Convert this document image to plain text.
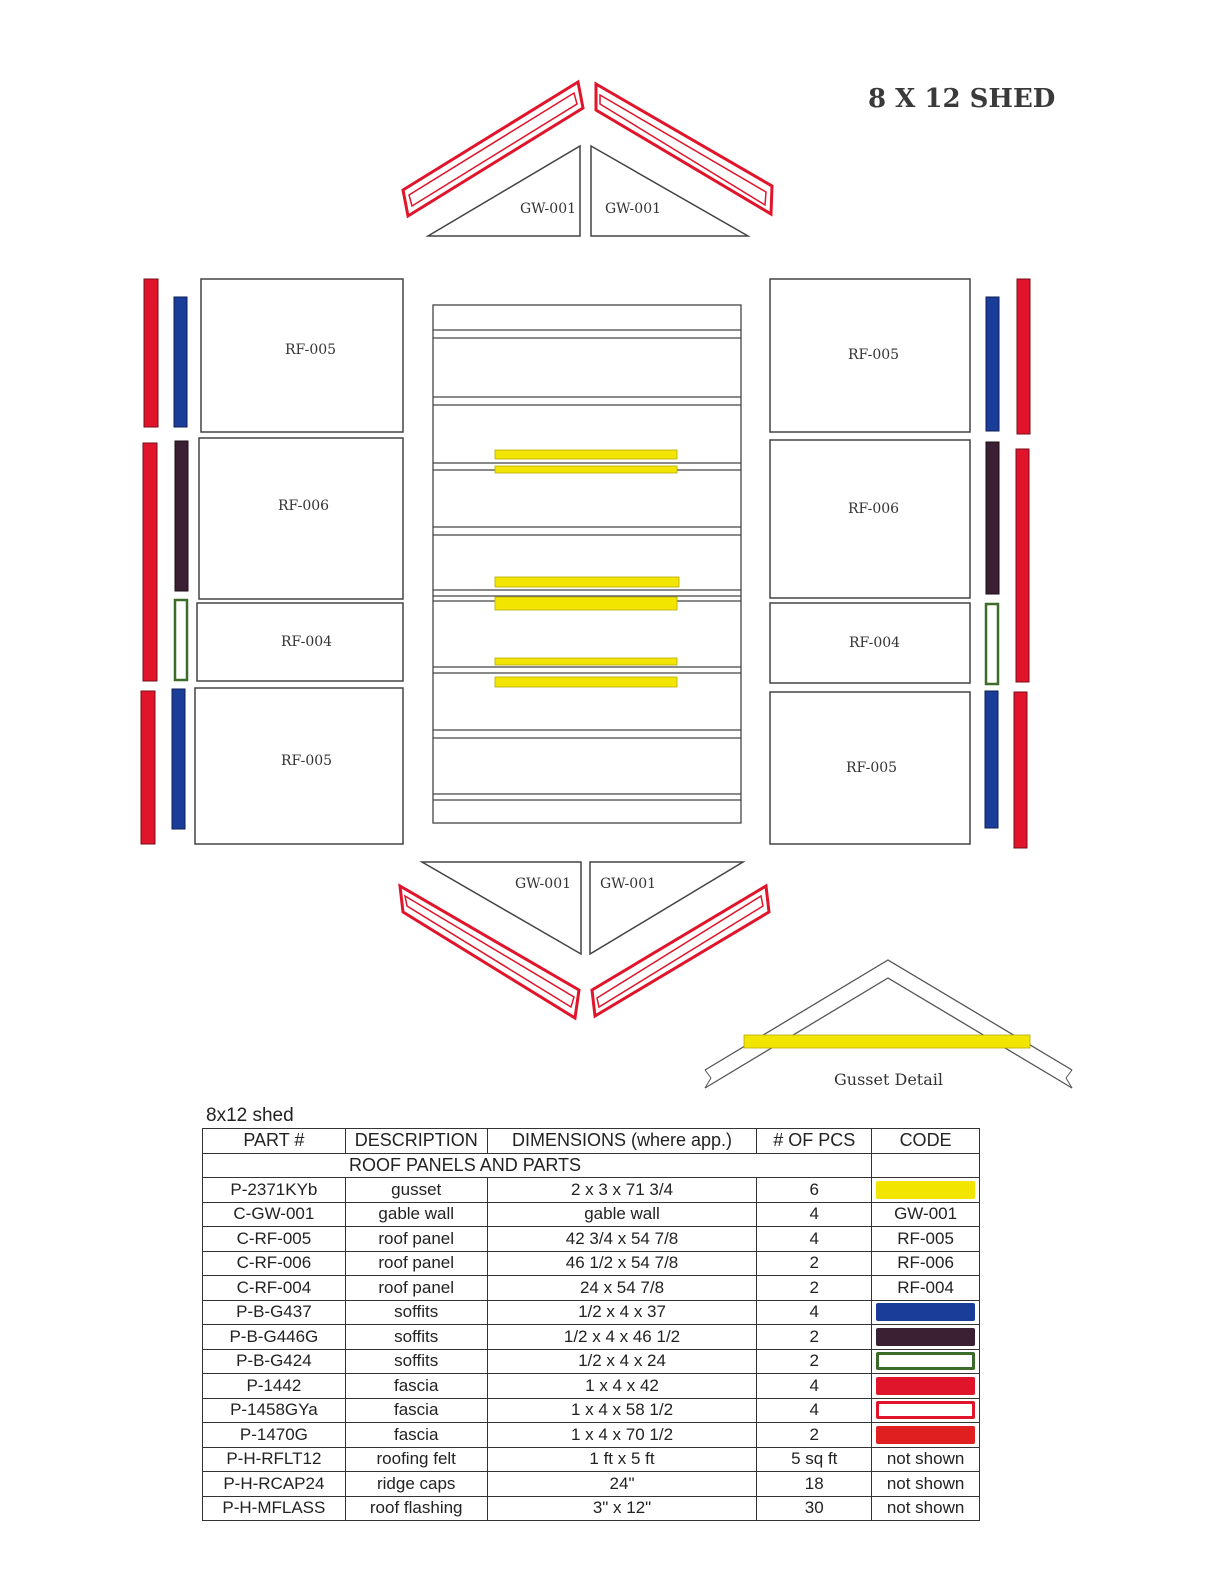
8 X 12 SHED
GW-001 GW-001
RF-005
RF-006
RF-004
RF-005
RF-005
RF-006
RF-004
RF-005
GW-001 GW-001
Gusset Detail
8x12 shed
PART #	DESCRIPTION	DIMENSIONS (where app.)	# OF PCS	CODE
ROOF PANELS AND PARTS				
P-2371KYb	gusset	2 x 3 x 71 3/4	6	

C-GW-001	gable wall	gable wall	4	GW-001
C-RF-005	roof panel	42 3/4 x 54 7/8	4	RF-005
C-RF-006	roof panel	46 1/2 x 54 7/8	2	RF-006
C-RF-004	roof panel	24 x 54 7/8	2	RF-004
P-B-G437	soffits	1/2 x 4 x 37	4	

P-B-G446G	soffits	1/2 x 4 x 46 1/2	2	

P-B-G424	soffits	1/2 x 4 x 24	2	

P-1442	fascia	1 x 4 x 42	4	

P-1458GYa	fascia	1 x 4 x 58 1/2	4	

P-1470G	fascia	1 x 4 x 70 1/2	2	

P-H-RFLT12	roofing felt	1 ft x 5 ft	5 sq ft	not shown
P-H-RCAP24	ridge caps	24"	18	not shown
P-H-MFLASS	roof flashing	3" x 12"	30	not shown
